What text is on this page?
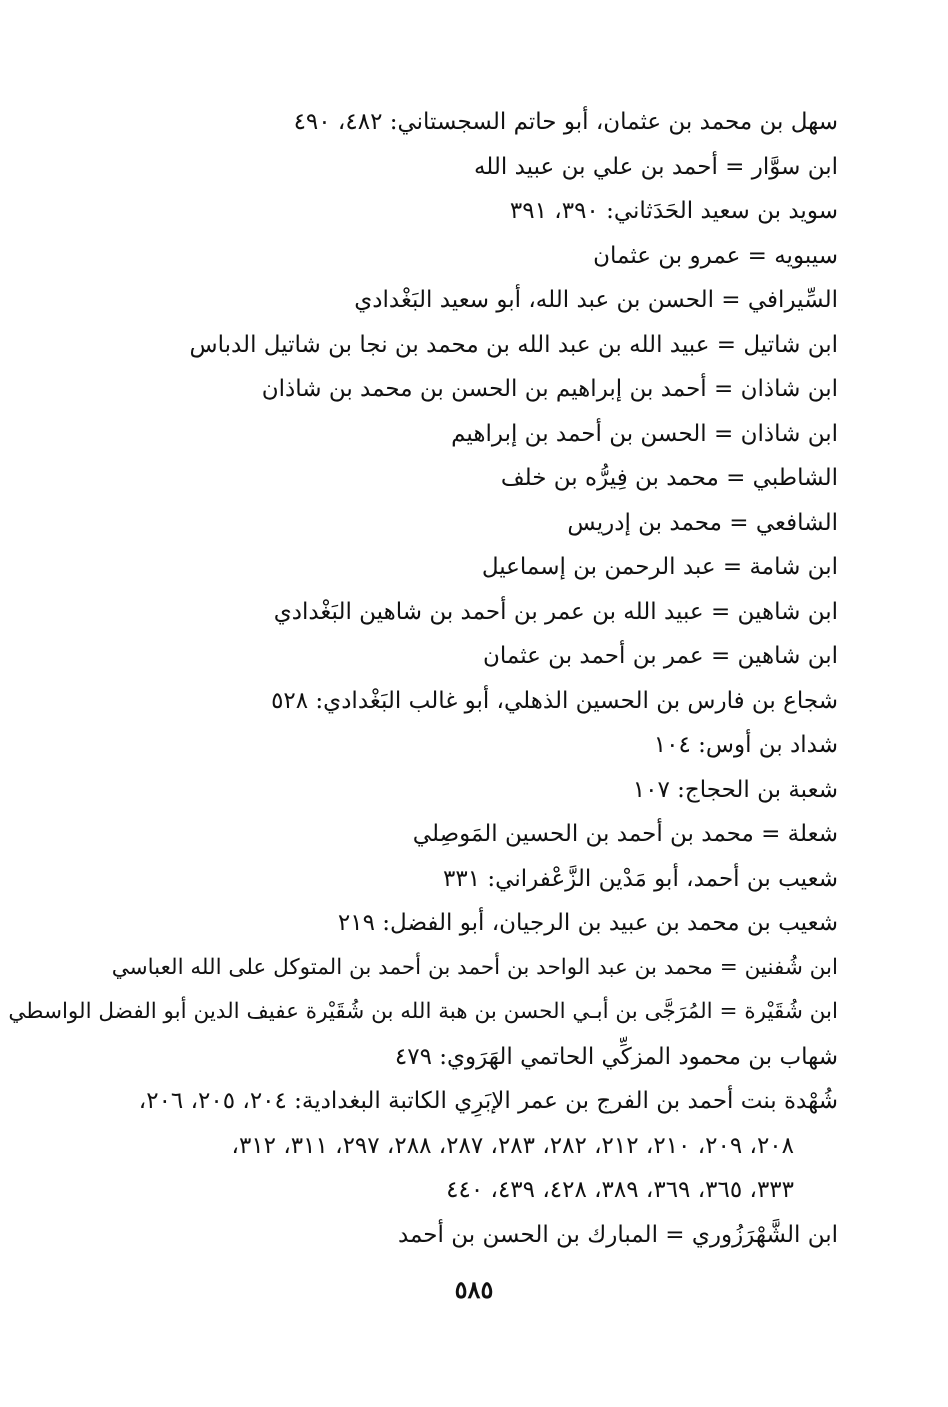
سهل بن محمد بن عثمان، أبو حاتم السجستاني: ٤٨٢، ٤٩٠
ابن سوَّار = أحمد بن علي بن عبيد الله
سويد بن سعيد الحَدَثاني: ٣٩٠، ٣٩١
سيبويه = عمرو بن عثمان
السِّيرافي = الحسن بن عبد الله، أبو سعيد البَغْدادي
ابن شاتيل = عبيد الله بن عبد الله بن محمد بن نجا بن شاتيل الدباس
ابن شاذان = أحمد بن إبراهيم بن الحسن بن محمد بن شاذان
ابن شاذان = الحسن بن أحمد بن إبراهيم
الشاطبي = محمد بن فِيرُّه بن خلف
الشافعي = محمد بن إدريس
ابن شامة = عبد الرحمن بن إسماعيل
ابن شاهين = عبيد الله بن عمر بن أحمد بن شاهين البَغْدادي
ابن شاهين = عمر بن أحمد بن عثمان
شجاع بن فارس بن الحسين الذهلي، أبو غالب البَغْدادي: ٥٢٨
شداد بن أوس: ١٠٤
شعبة بن الحجاج: ١٠٧
شعلة = محمد بن أحمد بن الحسين المَوصِلي
شعيب بن أحمد، أبو مَدْين الزَّعْفراني: ٣٣١
شعيب بن محمد بن عبيد بن الرجيان، أبو الفضل: ٢١٩
ابن شُفنين = محمد بن عبد الواحد بن أحمد بن أحمد بن المتوكل على الله العباسي
ابن شُقَيْرة = المُرَجَّى بن أبـي الحسن بن هبة الله بن شُقَيْرة عفيف الدين أبو الفضل الواسطي
شهاب بن محمود المزكِّي الحاتمي الهَرَوي: ٤٧٩
شُهْدة بنت أحمد بن الفرج بن عمر الإبَرِي الكاتبة البغدادية: ٢٠٤، ٢٠٥، ٢٠٦،
٢٠٨، ٢٠٩، ٢١٠، ٢١٢، ٢٨٢، ٢٨٣، ٢٨٧، ٢٨٨، ٢٩٧، ٣١١، ٣١٢،
٣٣٣، ٣٦٥، ٣٦٩، ٣٨٩، ٤٢٨، ٤٣٩، ٤٤٠
ابن الشَّهْرَزُوري = المبارك بن الحسن بن أحمد
٥٨٥
